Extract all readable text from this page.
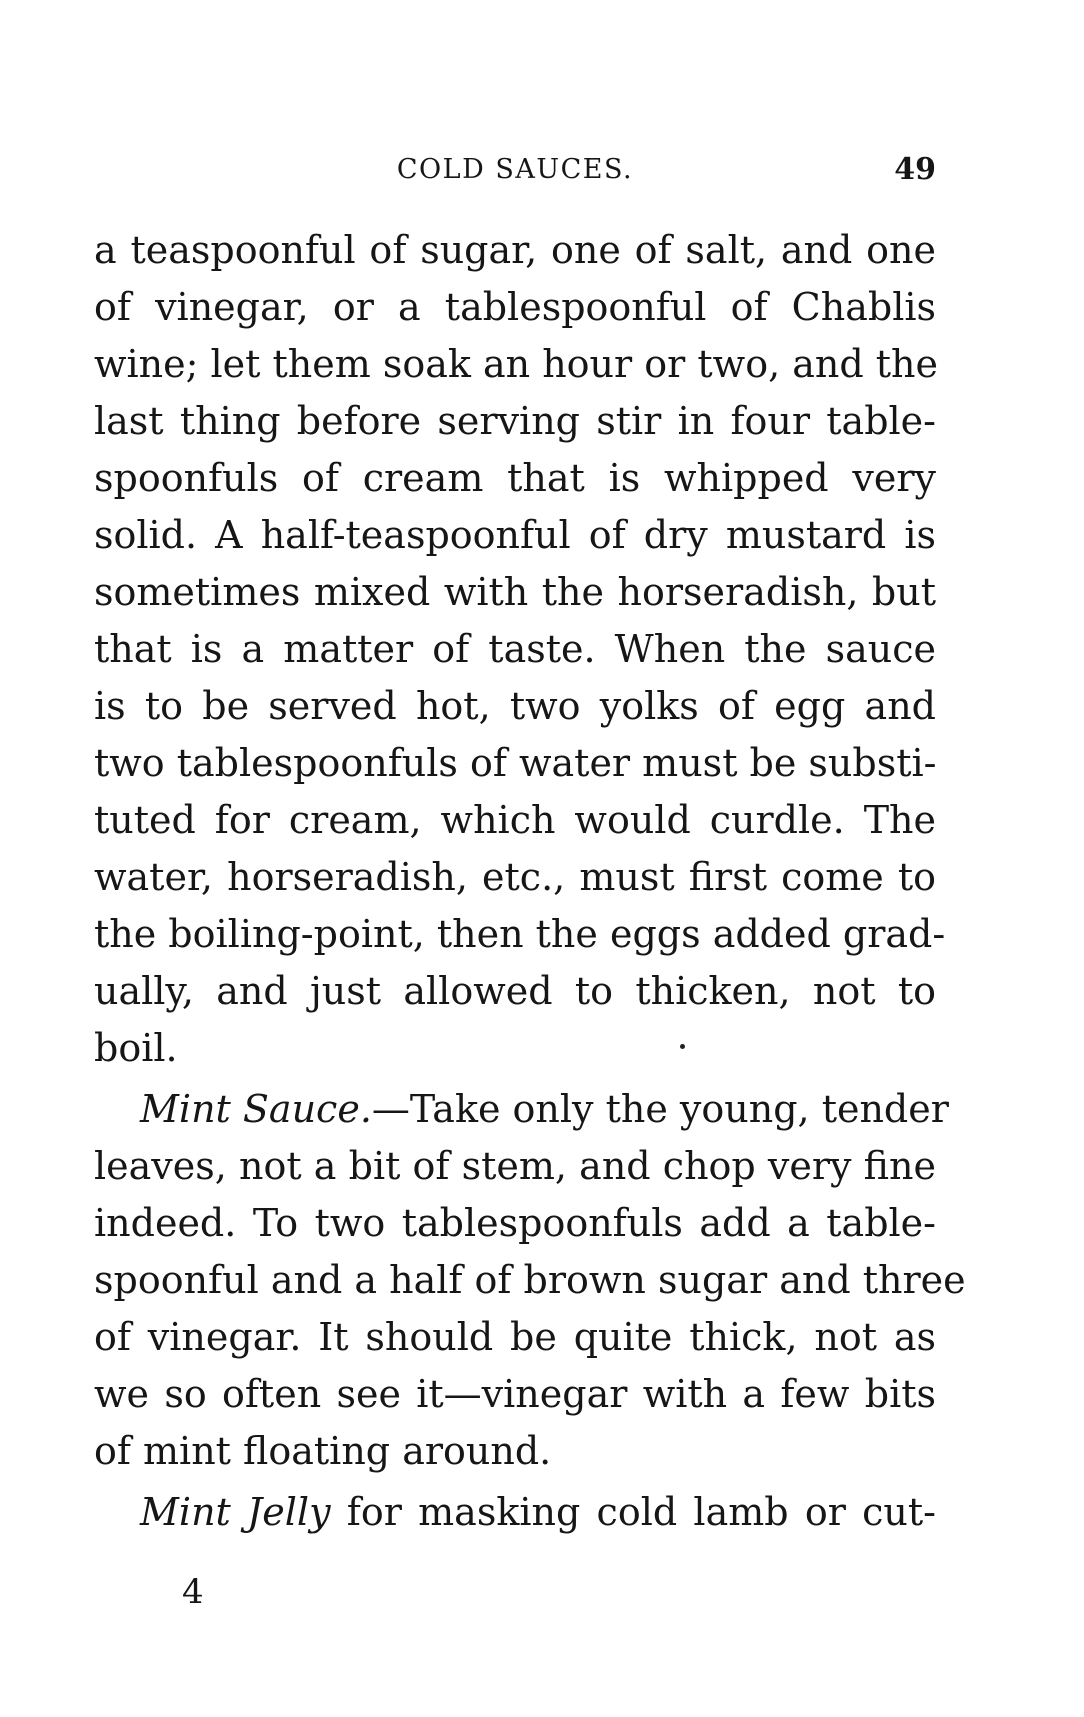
COLD SAUCES.	49
a teaspoonful of sugar, one of salt, and one
of vinegar, or a tablespoonful of Chablis
wine; let them soak an hour or two, and the
last thing before serving stir in four table-
spoonfuls of cream that is whipped very
solid. A half-teaspoonful of dry mustard is
sometimes mixed with the horseradish, but
that is a matter of taste. When the sauce
is to be served hot, two yolks of egg and
two tablespoonfuls of water must be substi-
tuted for cream, which would curdle. The
water, horseradish, etc., must first come to
the boiling-point, then the eggs added grad-
ually, and just allowed to thicken, not to
boil.
Mint Sauce.—Take only the young, tender
leaves, not a bit of stem, and chop very fine
indeed. To two tablespoonfuls add a table-
spoonful and a half of brown sugar and three
of vinegar. It should be quite thick, not as
we so often see it—vinegar with a few bits
of mint floating around.
Mint Jelly for masking cold lamb or cut-
4
